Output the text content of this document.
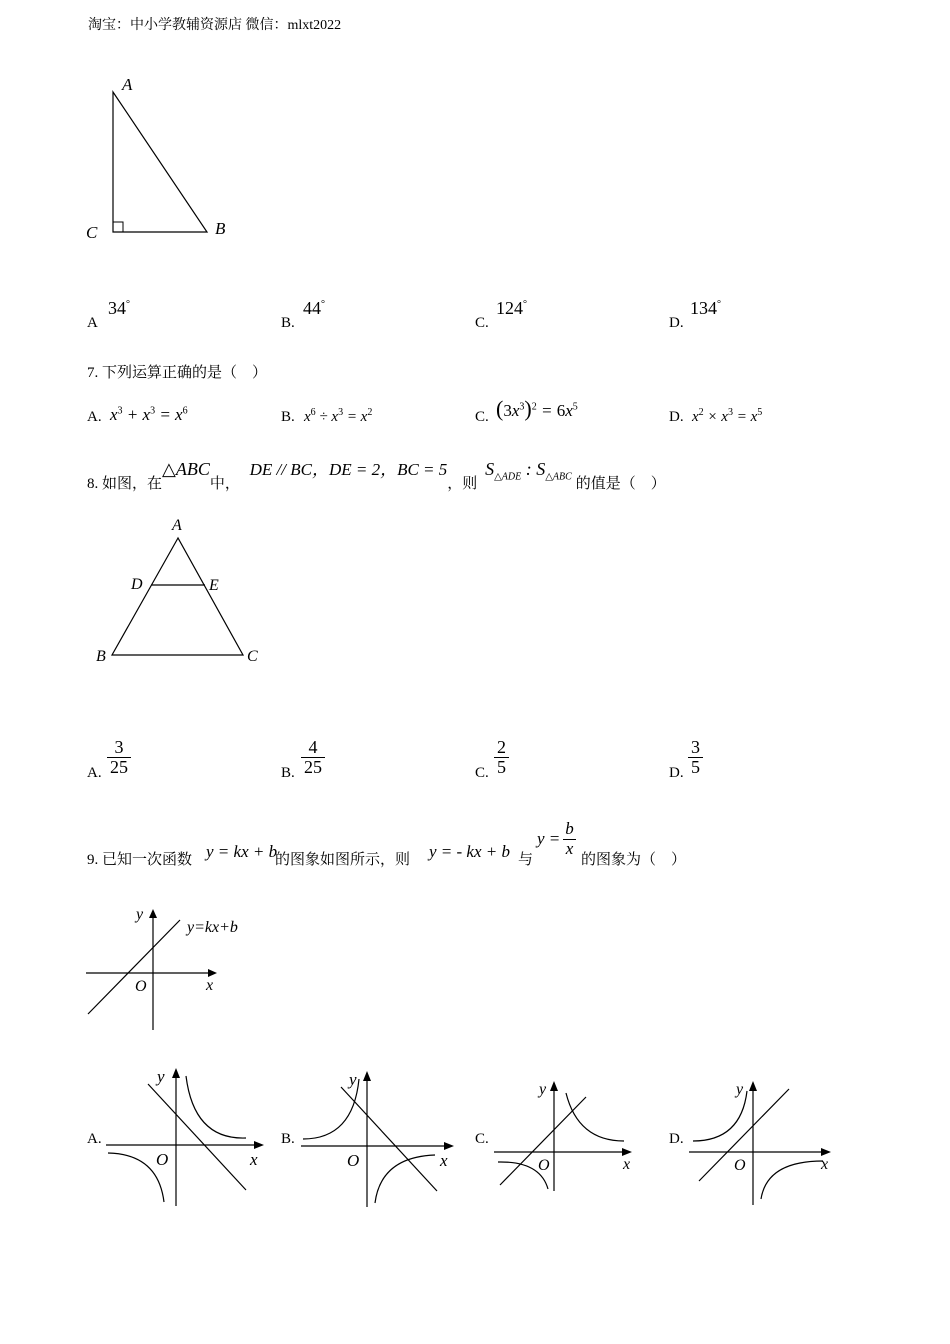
淘宝：中小学教辅资源店 微信：mlxt2022
A
C	B
A
34°
B.
44°
C.
124°
D.
134°
7. 下列运算正确的是（　）
A. $x^3 + x^3 = x^6$	B. $x^6 \div x^3 = x^2$	C. $(3x^3)^2 = 6x^5$
D. $x^2 \times x^3 = x^5$
8. 如图，在△ABC中， DE // BC，DE = 2，BC = 5，则 $S_{\triangle ADE}$ : $S_{\triangle ABC}$ 的值是（　）
A
D	E
B	C
A. $\frac{3}{25}$	B. $\frac{4}{25}$	C. $\frac{2}{5}$	D. $\frac{3}{5}$
9. 已知一次函数 y = kx + b
的图象如图所示，则 y = - kx + b 与
$y = \frac{b}{x}$
的图象为（　）
y
x
O
y=kx+b
A.
y
x
O
B.
y
x
O
C.
y
x
O
D.
y
x
O
